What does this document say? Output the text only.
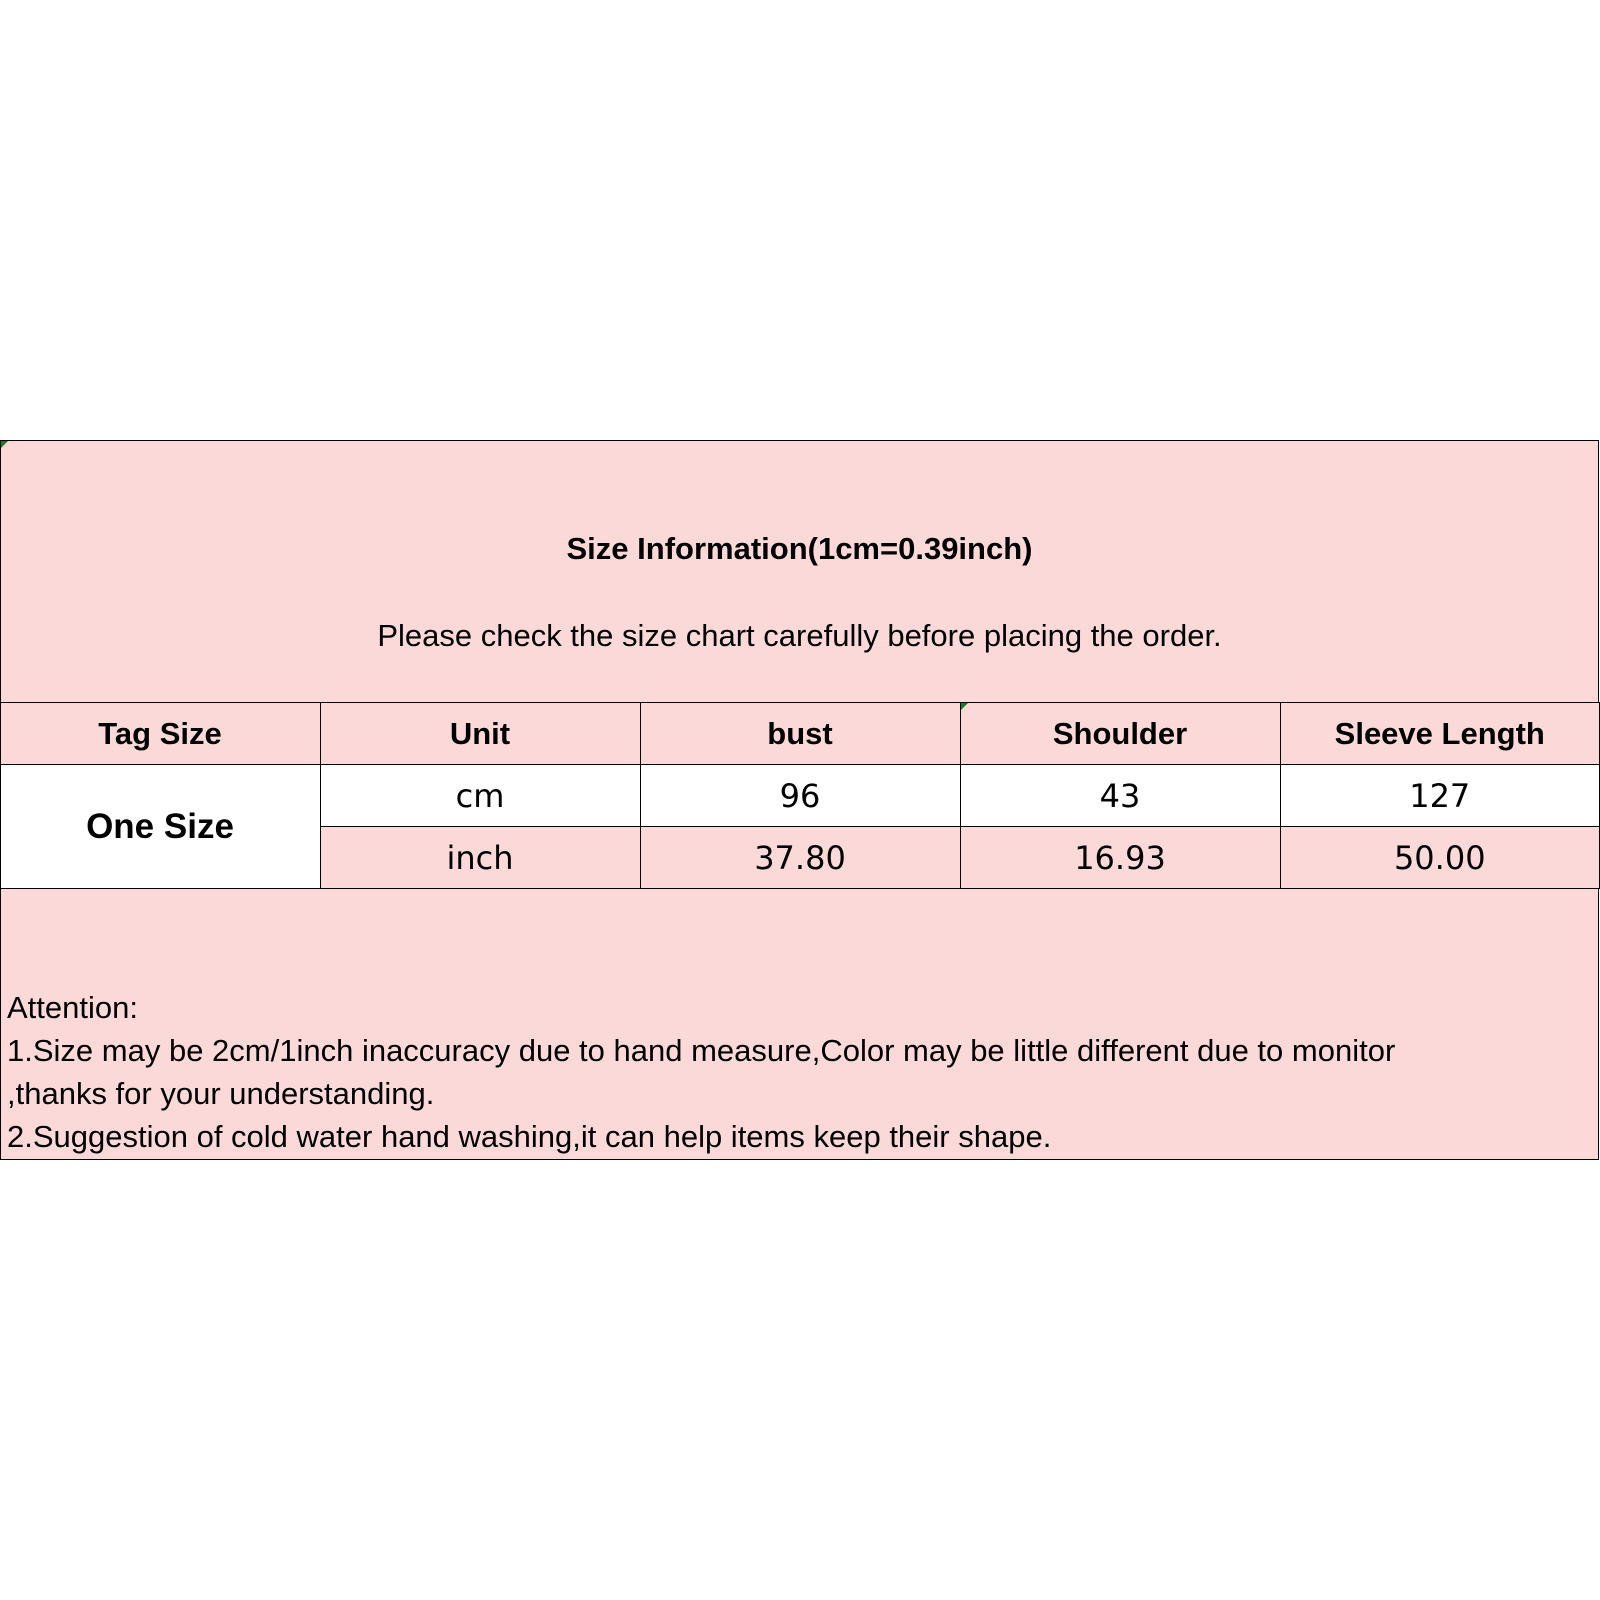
Size Information(1cm=0.39inch)
Please check the size chart carefully before placing the order.
Tag Size	Unit	bust	Shoulder	Sleeve Length
One Size	cm	96	43	127
	inch	37.80	16.93	50.00
Attention:
1.Size may be 2cm/1inch inaccuracy due to hand measure,Color may be little different due to monitor
,thanks for your understanding.
2.Suggestion of cold water hand washing,it can help items keep their shape.
